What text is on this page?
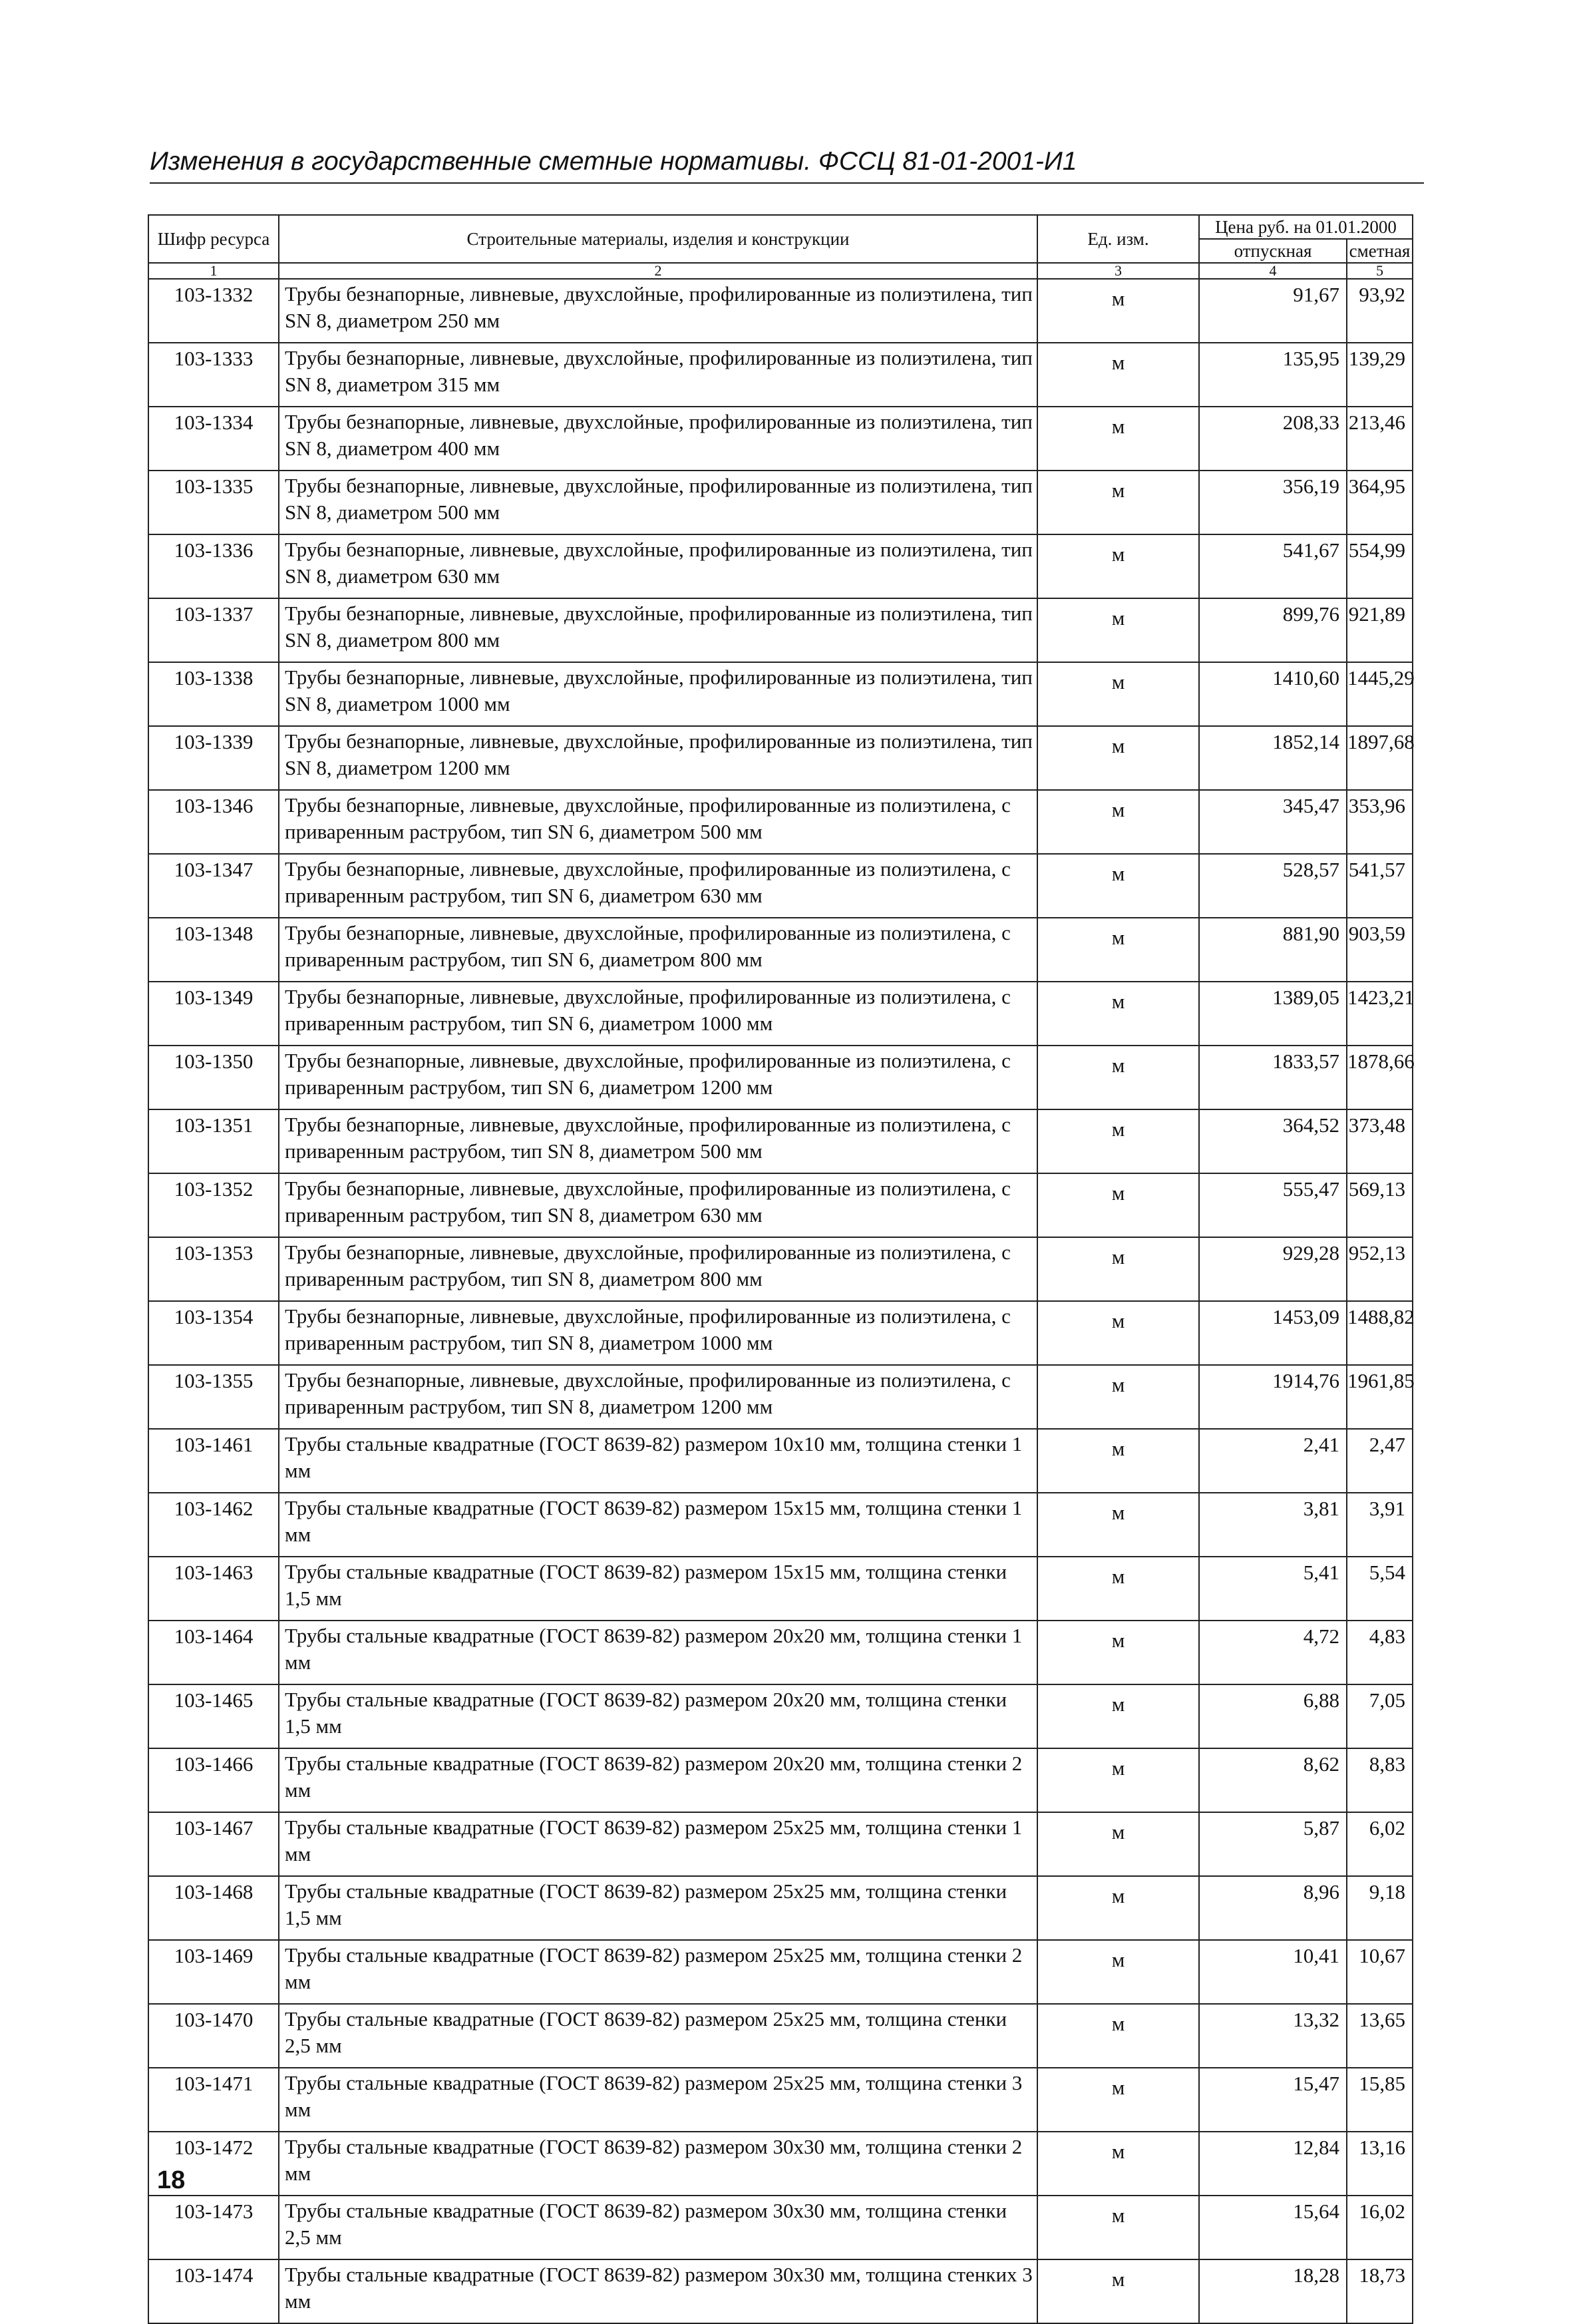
Изменения в государственные сметные нормативы. ФССЦ 81-01-2001-И1
Шифр ресурса	Строительные материалы, изделия и конструкции	Ед. изм.	Цена руб. на 01.01.2000	
			отпускная	сметная
1	2	3	4	5
103-1332	Трубы безнапорные, ливневые, двухслойные, профилированные из полиэтилена, тип SN 8, диаметром 250 мм	м	91,67	93,92
103-1333	Трубы безнапорные, ливневые, двухслойные, профилированные из полиэтилена, тип SN 8, диаметром 315 мм	м	135,95	139,29
103-1334	Трубы безнапорные, ливневые, двухслойные, профилированные из полиэтилена, тип SN 8, диаметром 400 мм	м	208,33	213,46
103-1335	Трубы безнапорные, ливневые, двухслойные, профилированные из полиэтилена, тип SN 8, диаметром 500 мм	м	356,19	364,95
103-1336	Трубы безнапорные, ливневые, двухслойные, профилированные из полиэтилена, тип SN 8, диаметром 630 мм	м	541,67	554,99
103-1337	Трубы безнапорные, ливневые, двухслойные, профилированные из полиэтилена, тип SN 8, диаметром 800 мм	м	899,76	921,89
103-1338	Трубы безнапорные, ливневые, двухслойные, профилированные из полиэтилена, тип SN 8, диаметром 1000 мм	м	1410,60	1445,29
103-1339	Трубы безнапорные, ливневые, двухслойные, профилированные из полиэтилена, тип SN 8, диаметром 1200 мм	м	1852,14	1897,68
103-1346	Трубы безнапорные, ливневые, двухслойные, профилированные из полиэтилена, с приваренным раструбом, тип SN 6, диаметром 500 мм	м	345,47	353,96
103-1347	Трубы безнапорные, ливневые, двухслойные, профилированные из полиэтилена, с приваренным раструбом, тип SN 6, диаметром 630 мм	м	528,57	541,57
103-1348	Трубы безнапорные, ливневые, двухслойные, профилированные из полиэтилена, с приваренным раструбом, тип SN 6, диаметром 800 мм	м	881,90	903,59
103-1349	Трубы безнапорные, ливневые, двухслойные, профилированные из полиэтилена, с приваренным раструбом, тип SN 6, диаметром 1000 мм	м	1389,05	1423,21
103-1350	Трубы безнапорные, ливневые, двухслойные, профилированные из полиэтилена, с приваренным раструбом, тип SN 6, диаметром 1200 мм	м	1833,57	1878,66
103-1351	Трубы безнапорные, ливневые, двухслойные, профилированные из полиэтилена, с приваренным раструбом, тип SN 8, диаметром 500 мм	м	364,52	373,48
103-1352	Трубы безнапорные, ливневые, двухслойные, профилированные из полиэтилена, с приваренным раструбом, тип SN 8, диаметром 630 мм	м	555,47	569,13
103-1353	Трубы безнапорные, ливневые, двухслойные, профилированные из полиэтилена, с приваренным раструбом, тип SN 8, диаметром 800 мм	м	929,28	952,13
103-1354	Трубы безнапорные, ливневые, двухслойные, профилированные из полиэтилена, с приваренным раструбом, тип SN 8, диаметром 1000 мм	м	1453,09	1488,82
103-1355	Трубы безнапорные, ливневые, двухслойные, профилированные из полиэтилена, с приваренным раструбом, тип SN 8, диаметром 1200 мм	м	1914,76	1961,85
103-1461	Трубы стальные квадратные (ГОСТ 8639-82) размером 10х10 мм, толщина стенки 1 мм	м	2,41	2,47
103-1462	Трубы стальные квадратные (ГОСТ 8639-82) размером 15х15 мм, толщина стенки 1 мм	м	3,81	3,91
103-1463	Трубы стальные квадратные (ГОСТ 8639-82) размером 15х15 мм, толщина стенки 1,5 мм	м	5,41	5,54
103-1464	Трубы стальные квадратные (ГОСТ 8639-82) размером 20х20 мм, толщина стенки 1 мм	м	4,72	4,83
103-1465	Трубы стальные квадратные (ГОСТ 8639-82) размером 20х20 мм, толщина стенки 1,5 мм	м	6,88	7,05
103-1466	Трубы стальные квадратные (ГОСТ 8639-82) размером 20х20 мм, толщина стенки 2 мм	м	8,62	8,83
103-1467	Трубы стальные квадратные (ГОСТ 8639-82) размером 25х25 мм, толщина стенки 1 мм	м	5,87	6,02
103-1468	Трубы стальные квадратные (ГОСТ 8639-82) размером 25х25 мм, толщина стенки 1,5 мм	м	8,96	9,18
103-1469	Трубы стальные квадратные (ГОСТ 8639-82) размером 25х25 мм, толщина стенки 2 мм	м	10,41	10,67
103-1470	Трубы стальные квадратные (ГОСТ 8639-82) размером 25х25 мм, толщина стенки 2,5 мм	м	13,32	13,65
103-1471	Трубы стальные квадратные (ГОСТ 8639-82) размером 25х25 мм, толщина стенки 3 мм	м	15,47	15,85
103-1472	Трубы стальные квадратные (ГОСТ 8639-82) размером 30х30 мм, толщина стенки 2 мм	м	12,84	13,16
103-1473	Трубы стальные квадратные (ГОСТ 8639-82) размером 30х30 мм, толщина стенки 2,5 мм	м	15,64	16,02
103-1474	Трубы стальные квадратные (ГОСТ 8639-82) размером 30х30 мм, толщина стенких 3 мм	м	18,28	18,73
18
